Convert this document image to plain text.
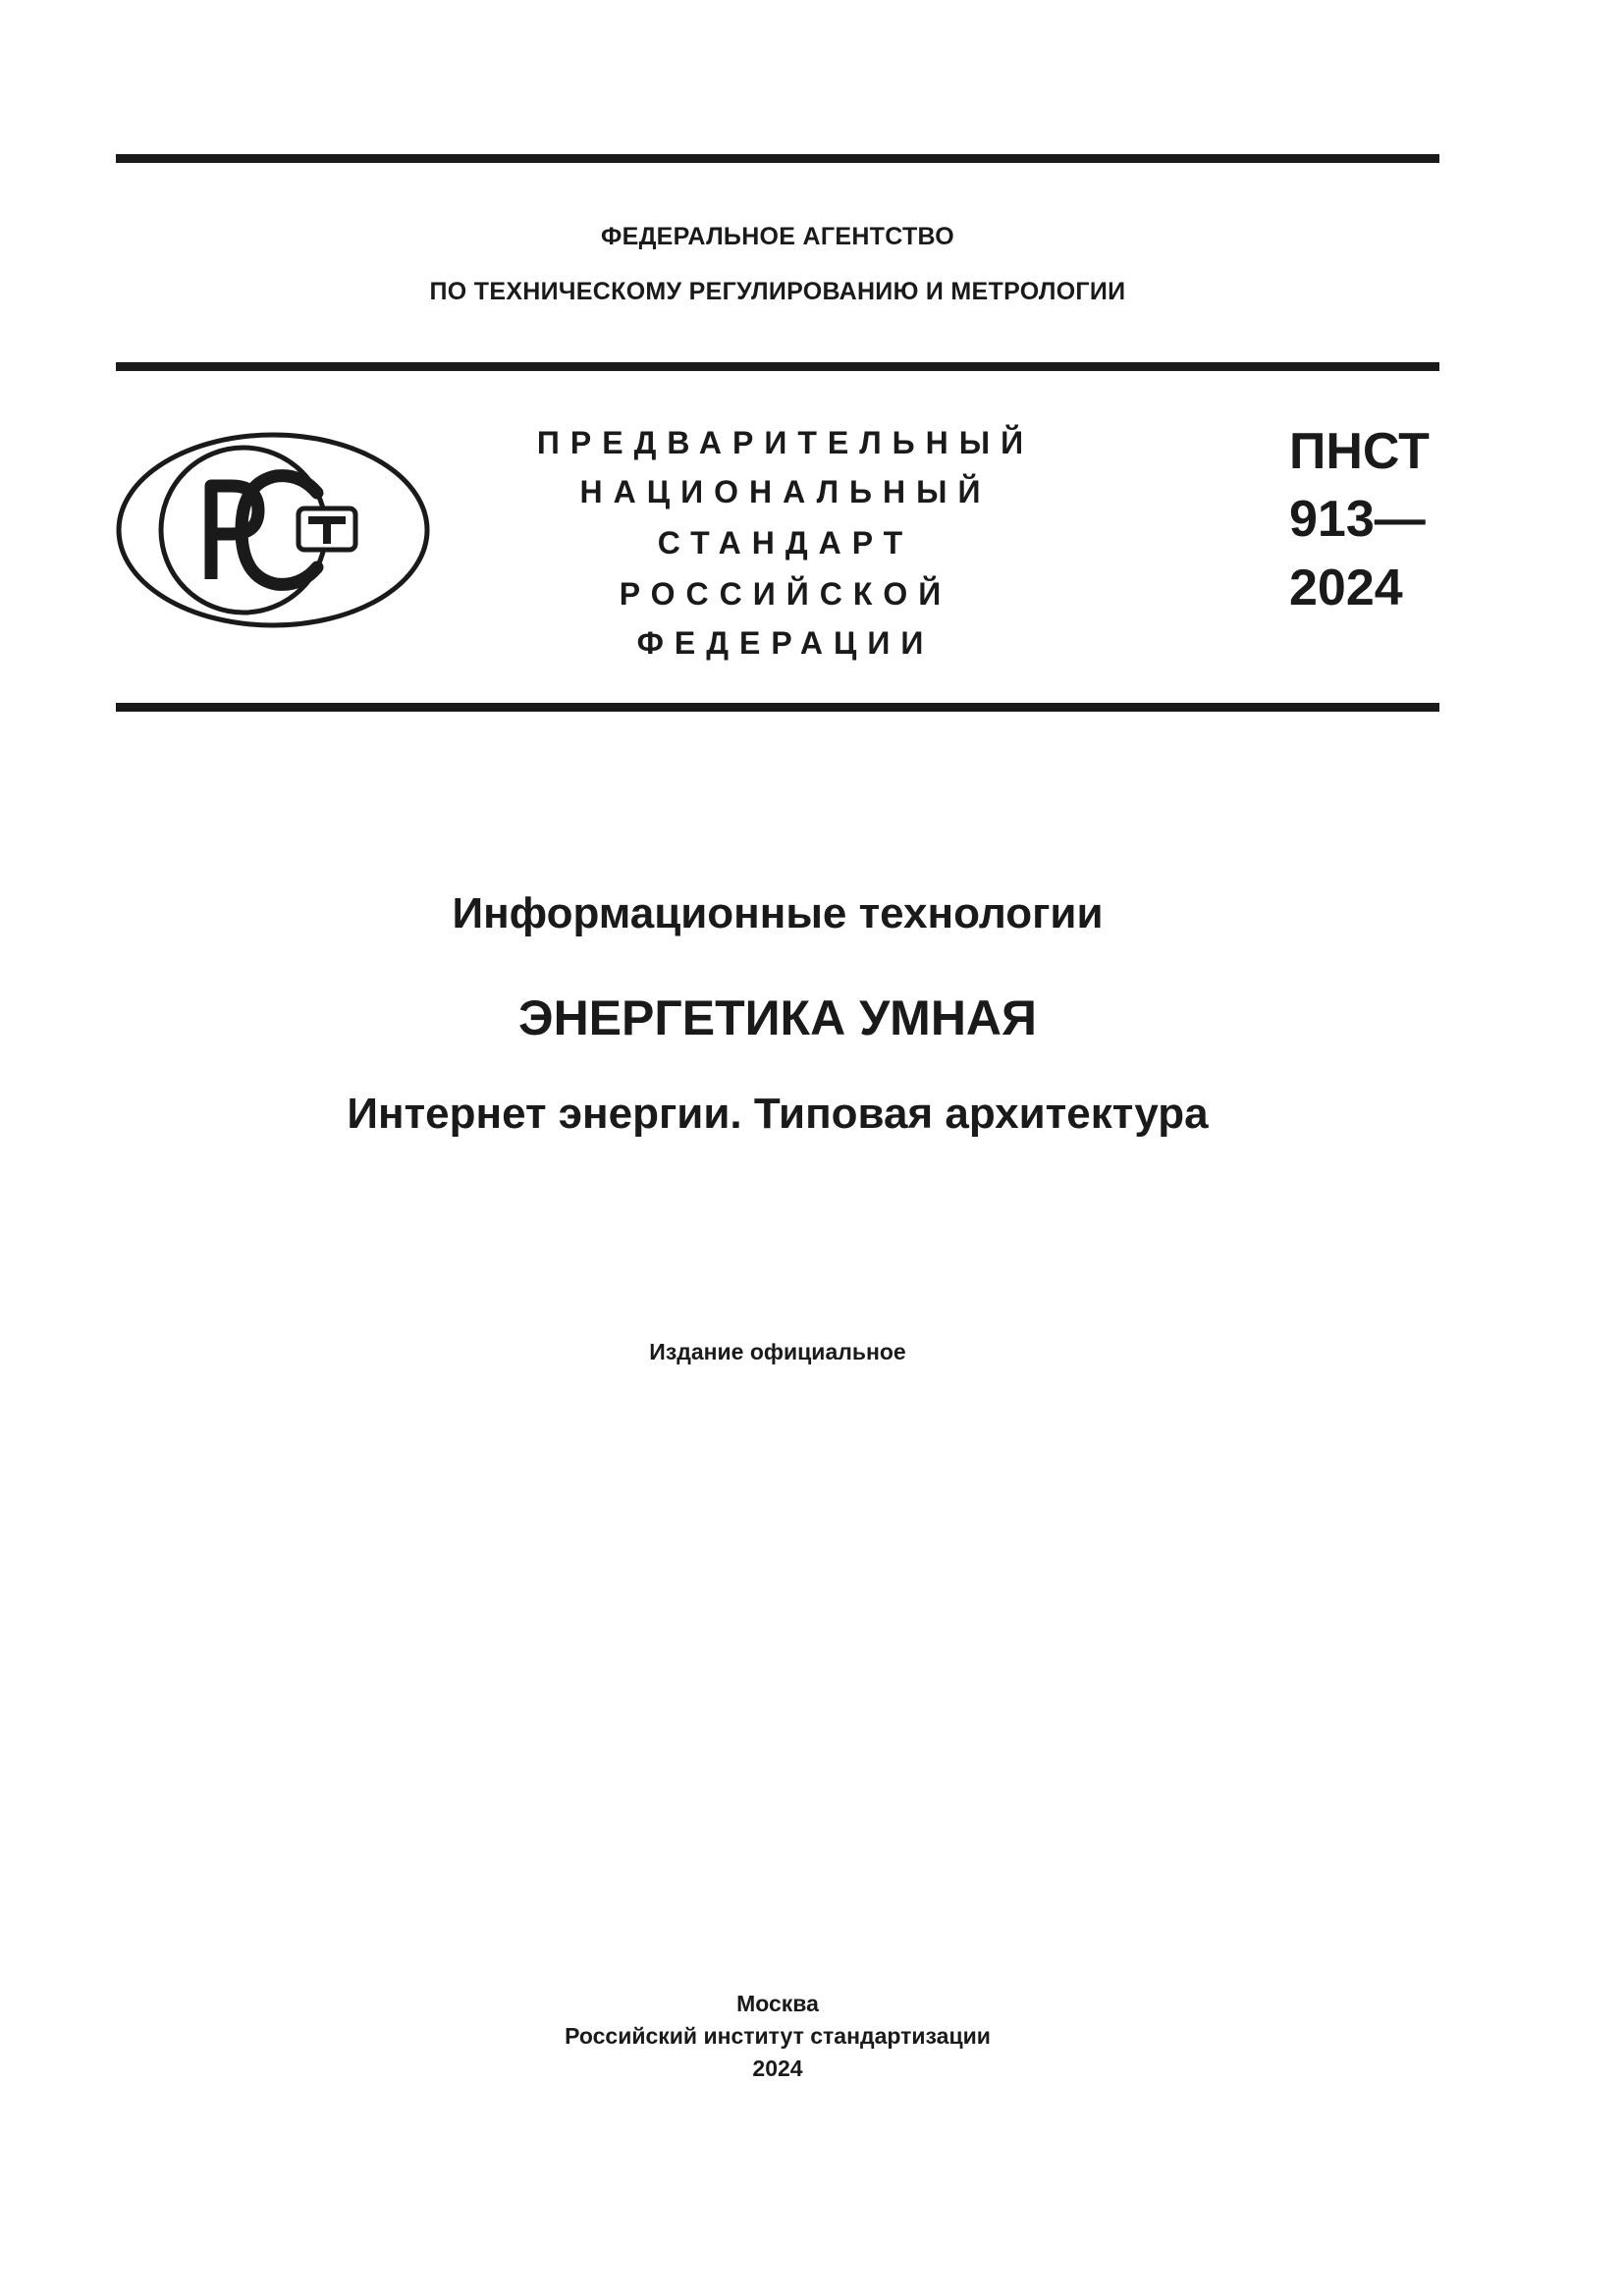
ФЕДЕРАЛЬНОЕ АГЕНТСТВО
ПО ТЕХНИЧЕСКОМУ РЕГУЛИРОВАНИЮ И МЕТРОЛОГИИ
ПРЕДВАРИТЕЛЬНЫЙ
НАЦИОНАЛЬНЫЙ
СТАНДАРТ
РОССИЙСКОЙ
ФЕДЕРАЦИИ
ПНСТ
913—
2024
Информационные технологии
ЭНЕРГЕТИКА УМНАЯ
Интернет энергии. Типовая архитектура
Издание официальное
Москва
Российский институт стандартизации
2024
